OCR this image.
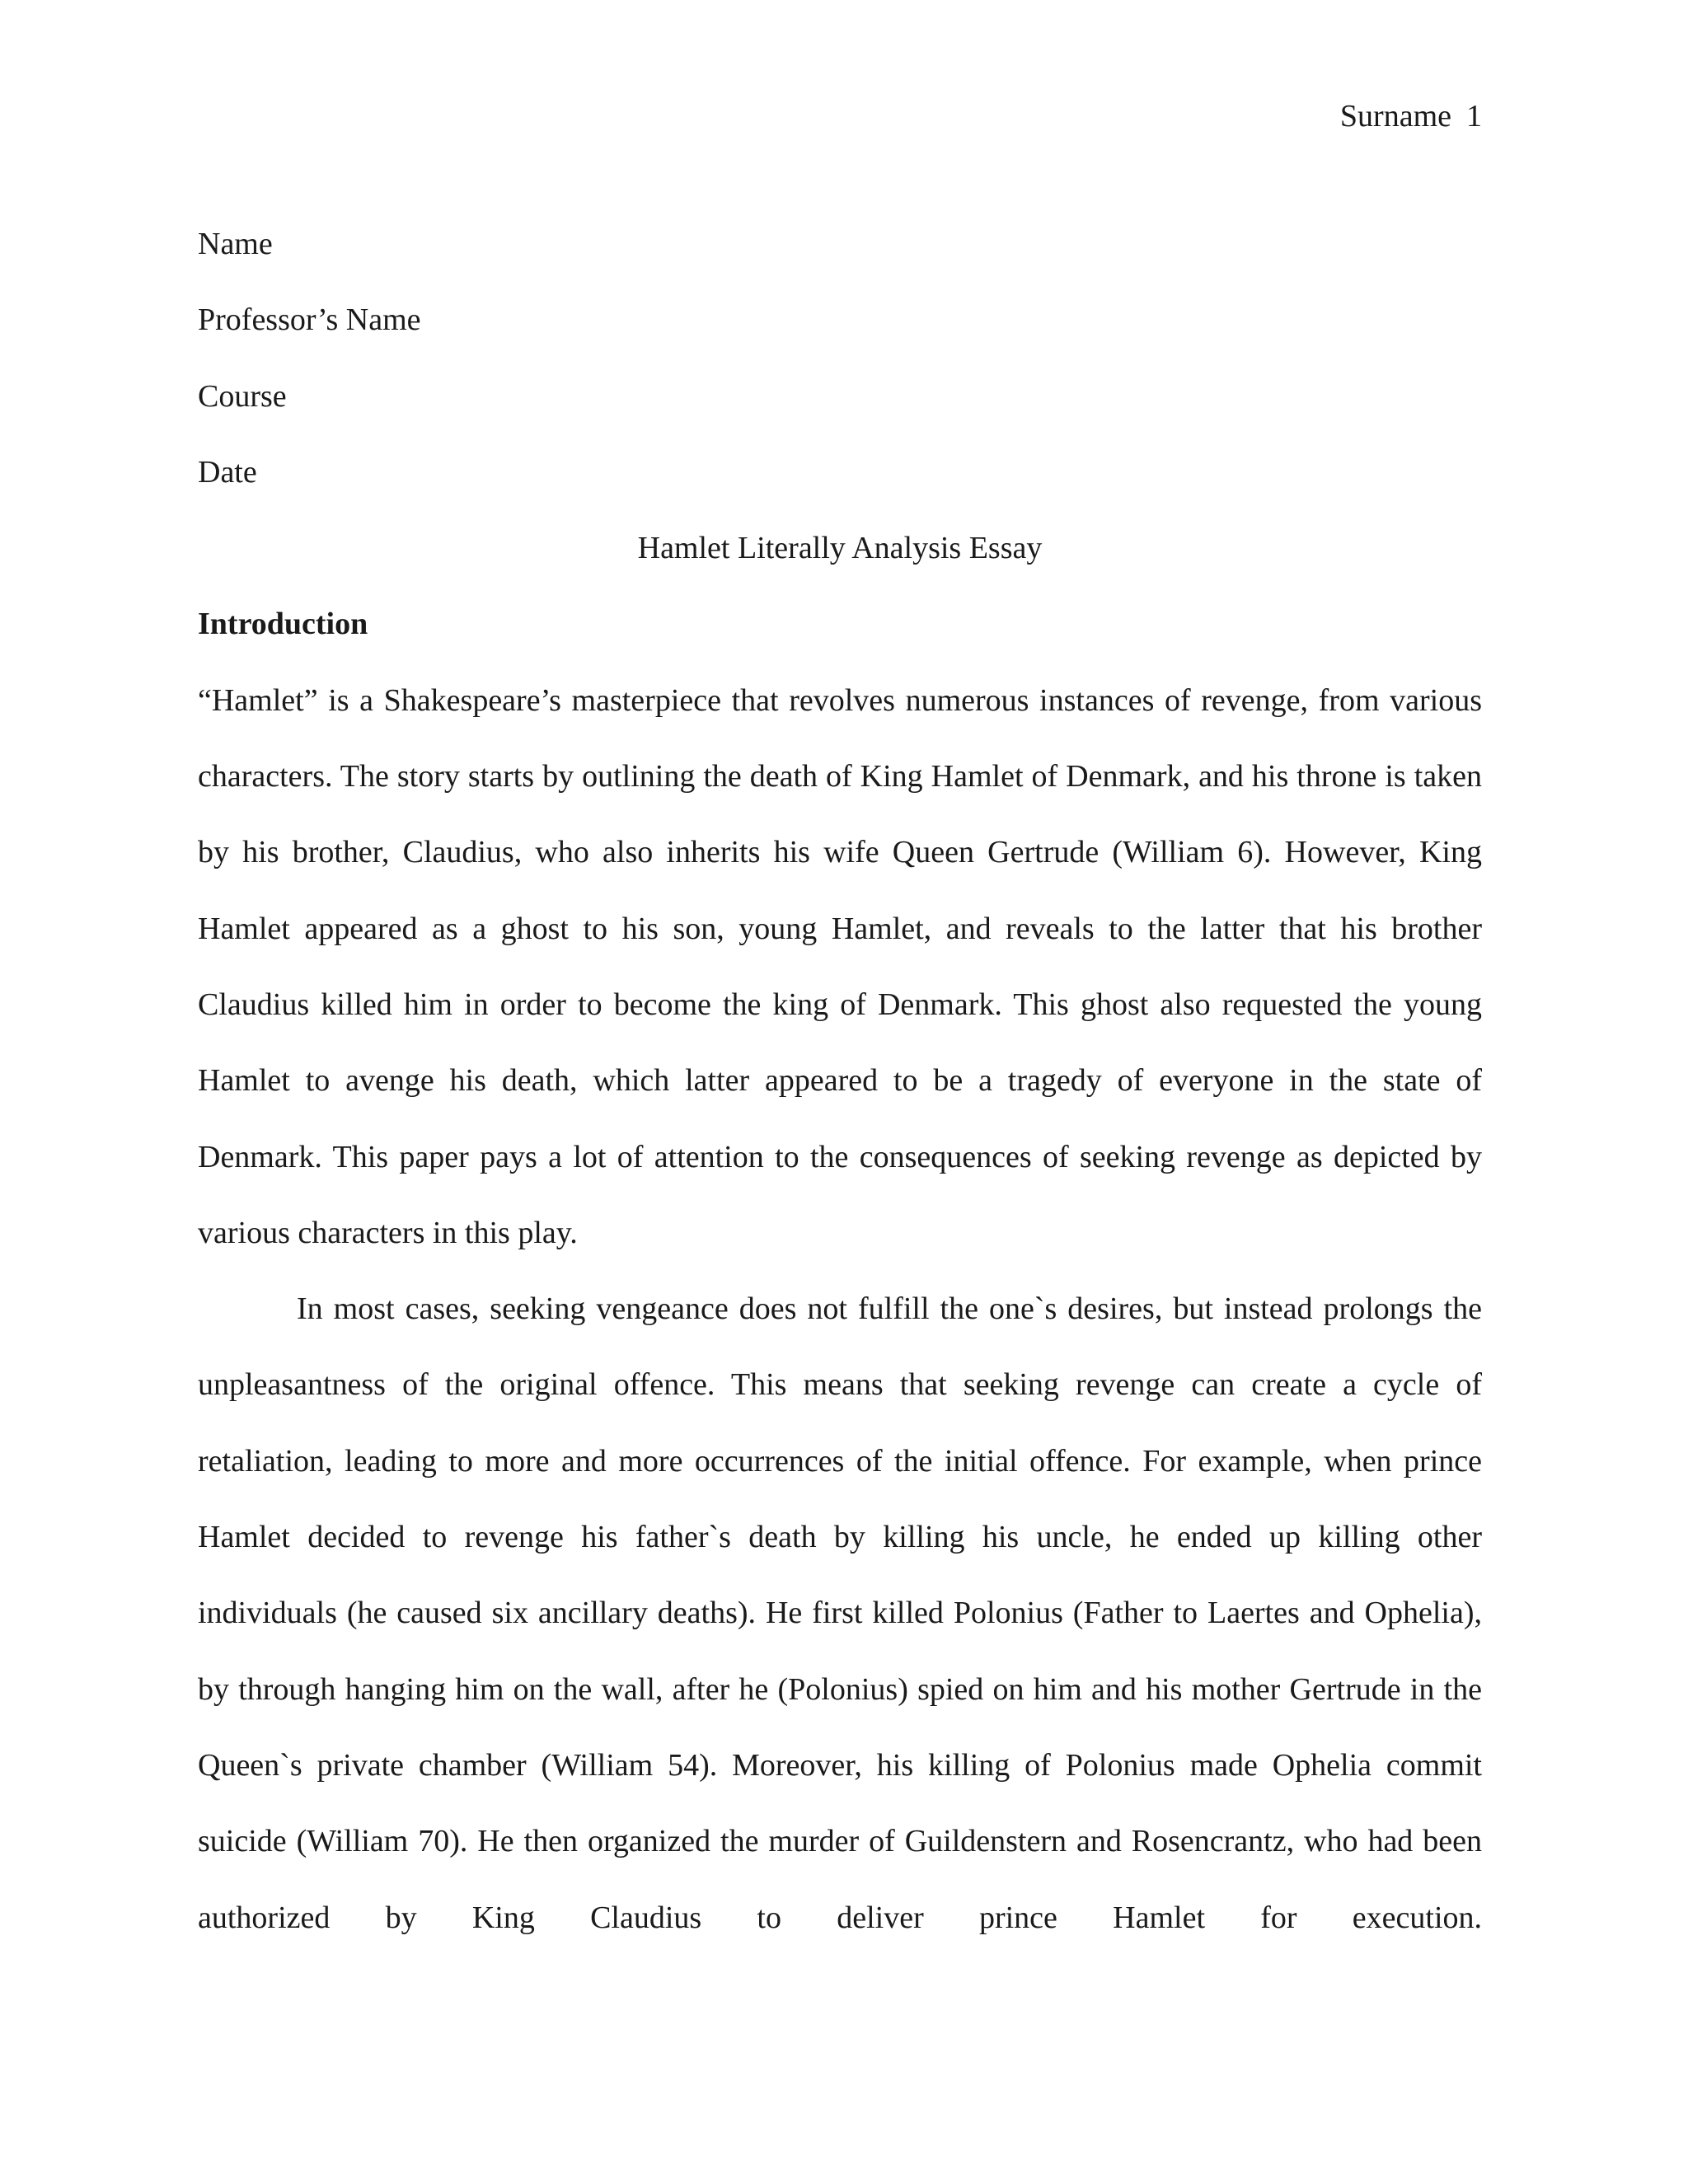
Surname 1

Name

Professor’s Name

Course

Date

Hamlet Literally Analysis Essay

Introduction

“Hamlet” is a Shakespeare’s masterpiece that revolves numerous instances of revenge, from various characters. The story starts by outlining the death of King Hamlet of Denmark, and his throne is taken by his brother, Claudius, who also inherits his wife Queen Gertrude (William 6). However, King Hamlet appeared as a ghost to his son, young Hamlet, and reveals to the latter that his brother Claudius killed him in order to become the king of Denmark. This ghost also requested the young Hamlet to avenge his death, which latter appeared to be a tragedy of everyone in the state of Denmark. This paper pays a lot of attention to the consequences of seeking revenge as depicted by various characters in this play.

In most cases, seeking vengeance does not fulfill the one`s desires, but instead prolongs the unpleasantness of the original offence. This means that seeking revenge can create a cycle of retaliation, leading to more and more occurrences of the initial offence. For example, when prince Hamlet decided to revenge his father`s death by killing his uncle, he ended up killing other individuals (he caused six ancillary deaths). He first killed Polonius (Father to Laertes and Ophelia), by through hanging him on the wall, after he (Polonius) spied on him and his mother Gertrude in the Queen`s private chamber (William 54). Moreover, his killing of Polonius made Ophelia commit suicide (William 70). He then organized the murder of Guildenstern and Rosencrantz, who had been authorized by King Claudius to deliver prince Hamlet for execution.
